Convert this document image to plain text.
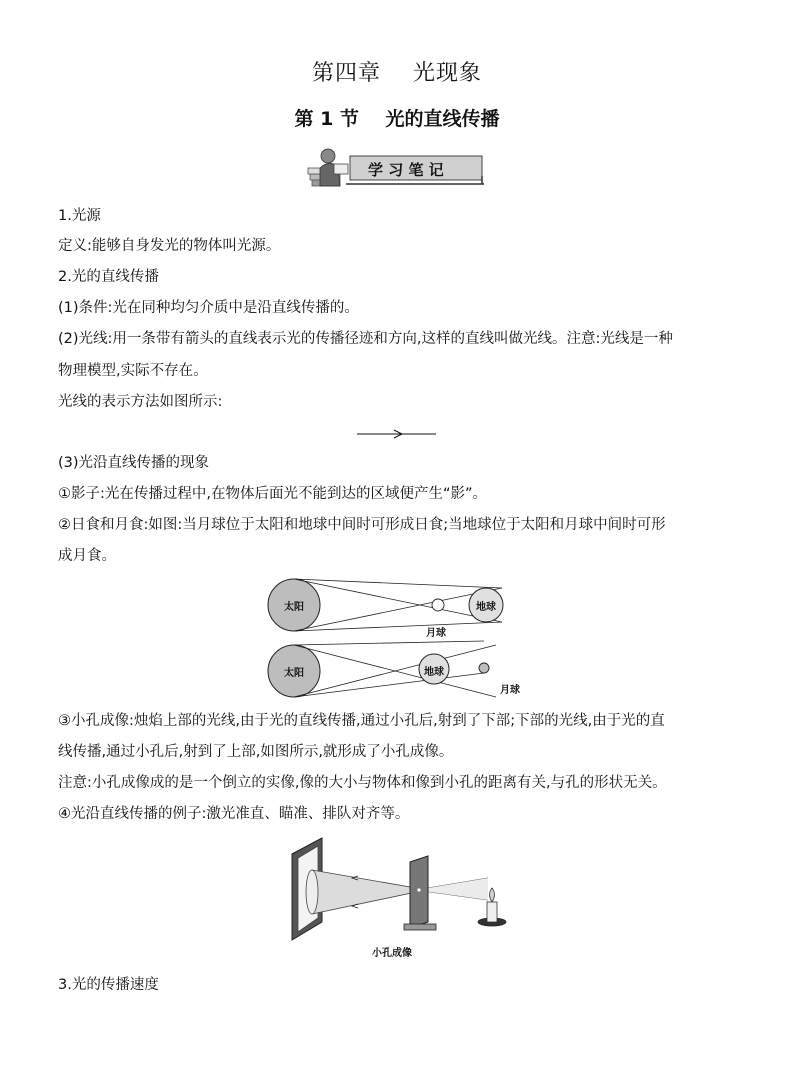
第四章    光现象
第 1 节    光的直线传播
学 习 笔 记
1.光源
定义:能够自身发光的物体叫光源。
2.光的直线传播
(1)条件:光在同种均匀介质中是沿直线传播的。
(2)光线:用一条带有箭头的直线表示光的传播径迹和方向,这样的直线叫做光线。注意:光线是一种
物理模型,实际不存在。
光线的表示方法如图所示:
(3)光沿直线传播的现象
①影子:光在传播过程中,在物体后面光不能到达的区域便产生“影”。
②日食和月食:如图:当月球位于太阳和地球中间时可形成日食;当地球位于太阳和月球中间时可形
成月食。
太阳	地球
月球
太阳	地球
月球
③小孔成像:烛焰上部的光线,由于光的直线传播,通过小孔后,射到了下部;下部的光线,由于光的直
线传播,通过小孔后,射到了上部,如图所示,就形成了小孔成像。
注意:小孔成像成的是一个倒立的实像,像的大小与物体和像到小孔的距离有关,与孔的形状无关。
④光沿直线传播的例子:激光准直、瞄准、排队对齐等。
小孔成像
3.光的传播速度
